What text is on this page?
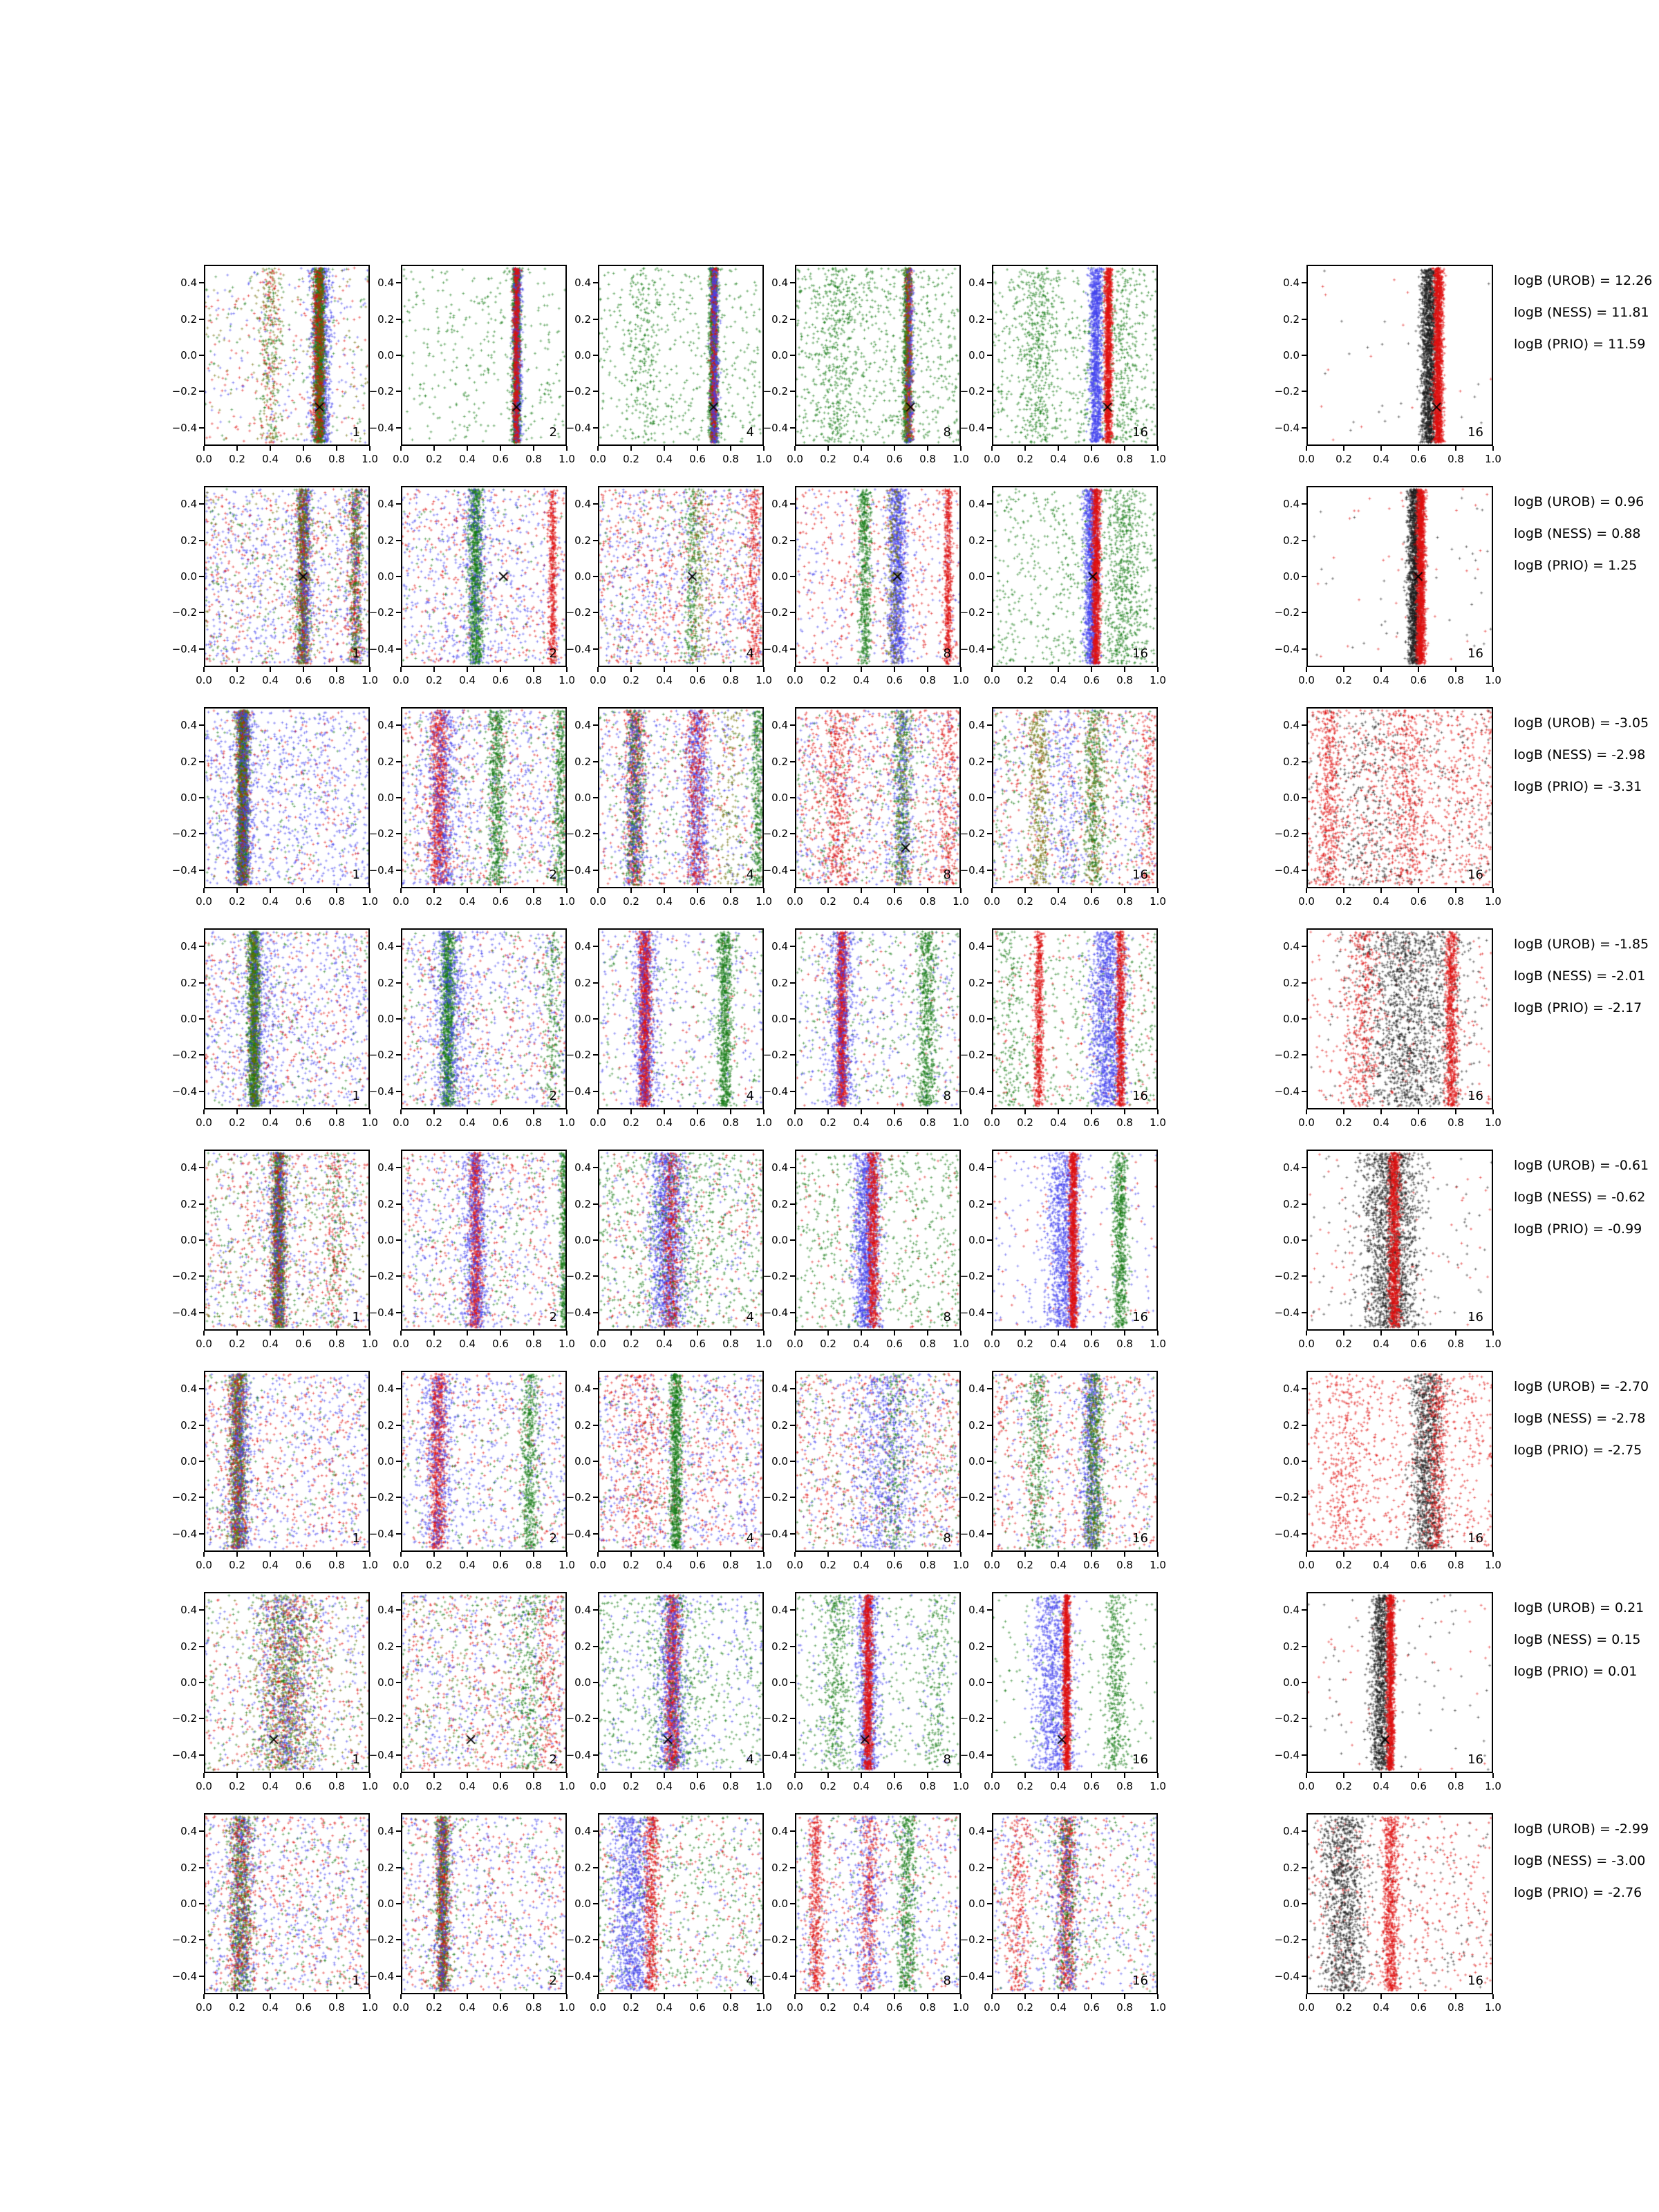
0.0 0.2 0.4 0.6 0.8 1.0
0.4
0.2
0.0
−0.2
−0.4	1
0.0 0.2 0.4 0.6 0.8 1.0
0.4
0.2
0.0
−0.2
−0.4	2
0.0 0.2 0.4 0.6 0.8 1.0
0.4
0.2
0.0
−0.2
−0.4	4
0.0 0.2 0.4 0.6 0.8 1.0
0.4
0.2
0.0
−0.2
−0.4	8
0.0 0.2 0.4 0.6 0.8 1.0
0.4
0.2
0.0
−0.2
−0.4	16
0.0 0.2 0.4 0.6 0.8 1.0
0.4
0.2
0.0
−0.2
−0.4	16
logB (UROB) = 12.26
logB (NESS) = 11.81
logB (PRIO) = 11.59
0.0 0.2 0.4 0.6 0.8 1.0
0.4
0.2
0.0
−0.2
−0.4	1
0.0 0.2 0.4 0.6 0.8 1.0
0.4
0.2
0.0
−0.2
−0.4	2
0.0 0.2 0.4 0.6 0.8 1.0
0.4
0.2
0.0
−0.2
−0.4	4
0.0 0.2 0.4 0.6 0.8 1.0
0.4
0.2
0.0
−0.2
−0.4	8
0.0 0.2 0.4 0.6 0.8 1.0
0.4
0.2
0.0
−0.2
−0.4	16
0.0 0.2 0.4 0.6 0.8 1.0
0.4
0.2
0.0
−0.2
−0.4	16
logB (UROB) = 0.96
logB (NESS) = 0.88
logB (PRIO) = 1.25
0.0 0.2 0.4 0.6 0.8 1.0
0.4
0.2
0.0
−0.2
−0.4	1
0.0 0.2 0.4 0.6 0.8 1.0
0.4
0.2
0.0
−0.2
−0.4	2
0.0 0.2 0.4 0.6 0.8 1.0
0.4
0.2
0.0
−0.2
−0.4	4
0.0 0.2 0.4 0.6 0.8 1.0
0.4
0.2
0.0
−0.2
−0.4	8
0.0 0.2 0.4 0.6 0.8 1.0
0.4
0.2
0.0
−0.2
−0.4	16
0.0 0.2 0.4 0.6 0.8 1.0
0.4
0.2
0.0
−0.2
−0.4	16
logB (UROB) = -3.05
logB (NESS) = -2.98
logB (PRIO) = -3.31
0.0 0.2 0.4 0.6 0.8 1.0
0.4
0.2
0.0
−0.2
−0.4	1
0.0 0.2 0.4 0.6 0.8 1.0
0.4
0.2
0.0
−0.2
−0.4	2
0.0 0.2 0.4 0.6 0.8 1.0
0.4
0.2
0.0
−0.2
−0.4	4
0.0 0.2 0.4 0.6 0.8 1.0
0.4
0.2
0.0
−0.2
−0.4	8
0.0 0.2 0.4 0.6 0.8 1.0
0.4
0.2
0.0
−0.2
−0.4	16
0.0 0.2 0.4 0.6 0.8 1.0
0.4
0.2
0.0
−0.2
−0.4	16
logB (UROB) = -1.85
logB (NESS) = -2.01
logB (PRIO) = -2.17
0.0 0.2 0.4 0.6 0.8 1.0
0.4
0.2
0.0
−0.2
−0.4	1
0.0 0.2 0.4 0.6 0.8 1.0
0.4
0.2
0.0
−0.2
−0.4	2
0.0 0.2 0.4 0.6 0.8 1.0
0.4
0.2
0.0
−0.2
−0.4	4
0.0 0.2 0.4 0.6 0.8 1.0
0.4
0.2
0.0
−0.2
−0.4	8
0.0 0.2 0.4 0.6 0.8 1.0
0.4
0.2
0.0
−0.2
−0.4	16
0.0 0.2 0.4 0.6 0.8 1.0
0.4
0.2
0.0
−0.2
−0.4	16
logB (UROB) = -0.61
logB (NESS) = -0.62
logB (PRIO) = -0.99
0.0 0.2 0.4 0.6 0.8 1.0
0.4
0.2
0.0
−0.2
−0.4	1
0.0 0.2 0.4 0.6 0.8 1.0
0.4
0.2
0.0
−0.2
−0.4	2
0.0 0.2 0.4 0.6 0.8 1.0
0.4
0.2
0.0
−0.2
−0.4	4
0.0 0.2 0.4 0.6 0.8 1.0
0.4
0.2
0.0
−0.2
−0.4	8
0.0 0.2 0.4 0.6 0.8 1.0
0.4
0.2
0.0
−0.2
−0.4	16
0.0 0.2 0.4 0.6 0.8 1.0
0.4
0.2
0.0
−0.2
−0.4	16
logB (UROB) = -2.70
logB (NESS) = -2.78
logB (PRIO) = -2.75
0.0 0.2 0.4 0.6 0.8 1.0
0.4
0.2
0.0
−0.2
−0.4	1
0.0 0.2 0.4 0.6 0.8 1.0
0.4
0.2
0.0
−0.2
−0.4	2
0.0 0.2 0.4 0.6 0.8 1.0
0.4
0.2
0.0
−0.2
−0.4	4
0.0 0.2 0.4 0.6 0.8 1.0
0.4
0.2
0.0
−0.2
−0.4	8
0.0 0.2 0.4 0.6 0.8 1.0
0.4
0.2
0.0
−0.2
−0.4	16
0.0 0.2 0.4 0.6 0.8 1.0
0.4
0.2
0.0
−0.2
−0.4	16
logB (UROB) = 0.21
logB (NESS) = 0.15
logB (PRIO) = 0.01
0.0 0.2 0.4 0.6 0.8 1.0
0.4
0.2
0.0
−0.2
−0.4	1
0.0 0.2 0.4 0.6 0.8 1.0
0.4
0.2
0.0
−0.2
−0.4	2
0.0 0.2 0.4 0.6 0.8 1.0
0.4
0.2
0.0
−0.2
−0.4	4
0.0 0.2 0.4 0.6 0.8 1.0
0.4
0.2
0.0
−0.2
−0.4	8
0.0 0.2 0.4 0.6 0.8 1.0
0.4
0.2
0.0
−0.2
−0.4	16
0.0 0.2 0.4 0.6 0.8 1.0
0.4
0.2
0.0
−0.2
−0.4	16
logB (UROB) = -2.99
logB (NESS) = -3.00
logB (PRIO) = -2.76
